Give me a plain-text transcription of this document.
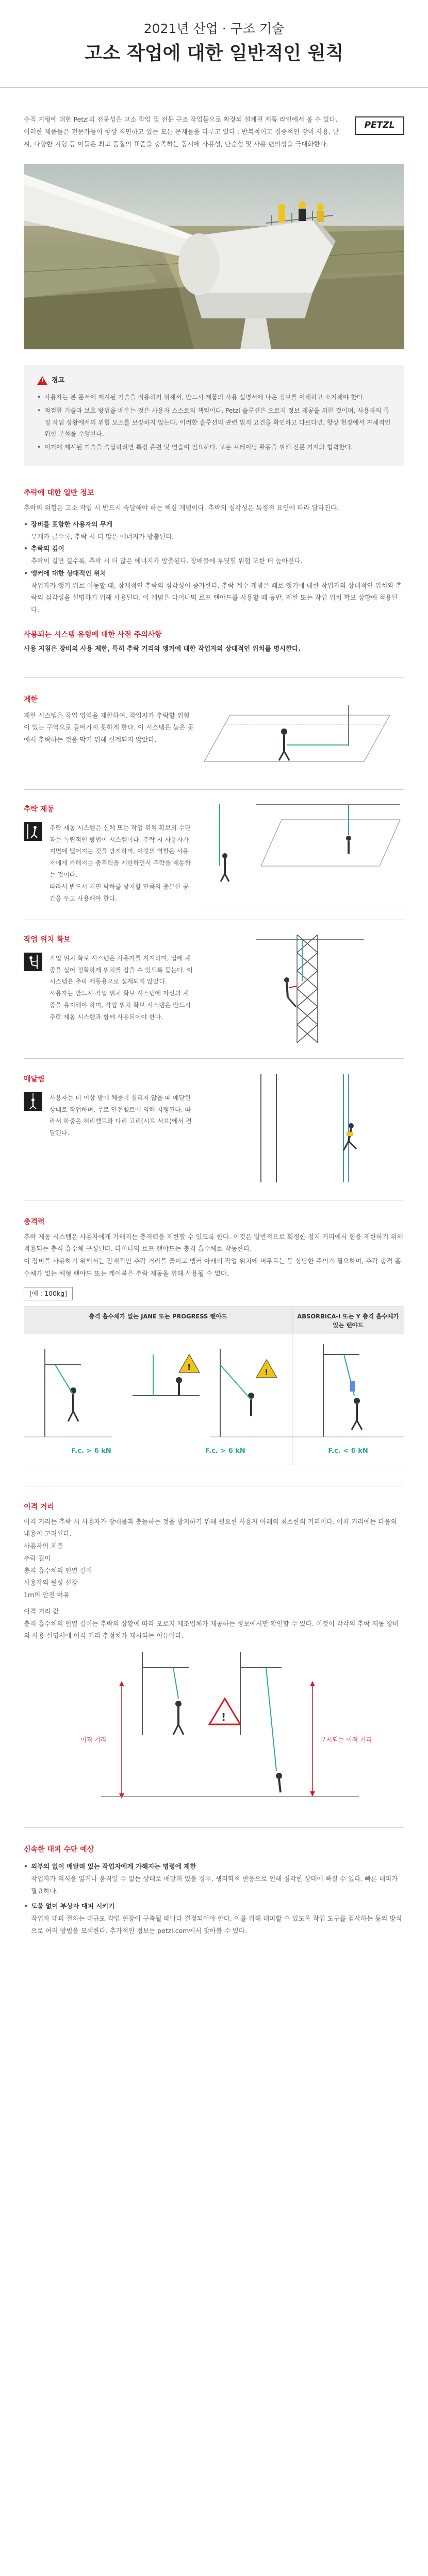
2021년 산업 · 구조 기술
고소 작업에 대한 일반적인 원칙

수직 지형에 대한 Petzl의 전문성은 고소 작업 및 전문 구조 작업들으로 확장되 설계된 제품 라인에서 볼 수 있다. 이러한 제품들은 전문가들이 항상 직면하고 있는 모든 문제들을 다루고 있다 : 반복적이고 집중적인 장비 사용, 날씨, 다양한 지형 등 이들은 최고 품질의 표준을 충족하는 동시에 사용성, 단순성 및 사용 편의성을 극대화한다.

PETZL
! 경고
• 사용자는 본 문서에 제시된 기술을 적용하기 위해서, 반드시 제품의 사용 설명서에 나온 정보를 이해하고 소지해야 한다.
• 적절한 기술과 보호 방법을 배우는 것은 사용자 스스로의 책임이다. Petzl 솔루션은 오로지 정보 제공을 위한 것이며, 사용자의 특정 작업 상황에서의 위험 요소를 보장하지 않는다. 이러한 솔루션의 관련 법적 요건을 확인하고 다르다면, 항상 현장에서 자체적인 위험 분석을 수행한다.
• 여기에 제시된 기술을 숙달하려면 특정 훈련 및 연습이 필요하다. 모든 프레이닝 활동을 위해 전문 기지와 협력한다.
추락에 대한 일반 정보

추락의 위험은 고소 작업 시 반드시 숙달해야 하는 핵심 개념이다. 추락의 심각성은 특정적 요인에 따라 달라진다.

• 장비를 포함한 사용자의 무게

무게가 클수록, 추락 시 더 많은 에너지가 방출된다.

• 추락의 깊이

추락이 길면 길수록, 추락 시 더 많은 에너지가 방출된다. 장애물에 부딪힐 위험 또한 더 높아진다.

• 앵커에 대한 상대적인 위치

작업자가 앵커 위로 이동할 때, 잠재적인 추락의 심각성이 증가한다. 추락 계수 개념은 때로 앵커에 대한 작업자의 상대적인 위치와 추락의 심각성을 설명하기 위해 사용된다. 이 개념은 다이나믹 로프 랜야드를 사용할 때 등반, 제한 또는 작업 위치 확보 상황에 적용된다.

사용되는 시스템 유형에 대한 사전 주의사항

사용 지침은 장비의 사용 제한, 특히 추락 거리와 앵커에 대한 작업자의 상대적인 위치를 명시한다.

제한

제한 시스템은 작업 영역을 제한하여, 작업자가 추락할 위험이 있는 구역으로 들어가지 못하게 한다. 이 시스템은 높은 곳에서 추락하는 것을 막기 위해 설계되지 않았다.

추락 제동

추락 제동 시스템은 신체 또는 작업 위치 확보의 수단과는 독립적인 방법이 시스템이다. 추락 시 사용자가 지면에 떨어지는 것을 방지하며, 이것의 역할은 사용자에게 가해지는 충격력을 제한하면서 추락을 제동하는 것이다.

따라서 반드시 지면 낙하를 방지할 만큼의 충분한 공간을 두고 사용해야 한다.

작업 위치 확보

작업 위치 확보 시스템은 사용자를 지지하며, 일에 체중을 실어 정확하게 위치를 잡을 수 있도록 돕는다. 이 시스템은 추락 제동용으로 설계되지 않았다.

사용자는 반드시 작업 위치 확보 시스템에 자신의 체중을 유지해야 하며, 작업 위치 확보 시스템은 반드시 추락 제동 시스템과 함께 사용되어야 한다.

매달림

사용자는 더 이상 발에 체중이 실리지 않을 때 매달린 상태로 작업하며, 주로 안전벨트에 의해 지탱된다. 따라서 하중은 허리벨트와 다리 고리(시트 서브)에서 전달된다.

충격력

추락 제동 시스템은 사용자에게 가해지는 충격력을 제한할 수 있도록 한다. 이것은 일반적으로 획정한 정지 거리에서 힘을 제한하기 위해 적용되는 충격 흡수체 구성된다. 다이나믹 로프 랜야드는 충격 흡수체로 작동한다.

이 장비를 사용하기 위해서는 잠재적인 추락 거리를 줄이고 앵커 아래의 작업 위치에 머무르는 등 상당한 주의가 필요하며, 추락 충격 흡수체가 없는 체형 랜야드 또는 케이블은 추락 제동을 위해 사용될 수 없다.

[예 : 100kg]
충격 흡수체가 없는 JANE 또는 PROGRESS 랜야드
!
!
F.c. > 6 kN	F.c. > 6 kN
ABSORBICA-I 또는 Y 충격 흡수체가 있는 랜야드
F.c. < 6 kN
이격 거리

이격 거리는 추락 시 사용자가 장애물과 충돌하는 것을 방지하기 위해 필요한 사용자 아래의 최소한의 거리이다. 이격 거리에는 다음의 내용이 고려된다.

사용자의 체중

추락 길이

충격 흡수체의 인열 길이

사용자의 원성 신장

1m의 안전 여유

이격 거리 값

충격 흡수체의 인열 길이는 추락의 상황에 따라 오로지 제조업체가 제공하는 정보에서만 확인할 수 있다. 이것이 각각의 추락 제동 장비의 사용 설명서에 이격 거리 추정치가 제시되는 이유이다.

!
이격 거리	부시되는 이격 거리
신속한 대피 수단 예상
• 외부의 없이 매달려 있는 작업자에게 가해지는 명령에 제한

작업자가 의식을 잃거나 움직일 수 없는 상태로 매달려 있을 경우, 생리학적 반응으로 인해 심각한 상태에 빠질 수 있다. 빠른 대피가 필요하다.

• 도울 없이 부상자 대피 시키기

작업자 대피 절차는 대규모 작업 현장이 구축될 때마다 결정되어야 한다. 이를 위해 대피할 수 있도록 작업 도구를 검사하는 등의 방식으로 여러 방법을 모색한다. 추가적인 정보는 petzl.com에서 찾아볼 수 있다.
